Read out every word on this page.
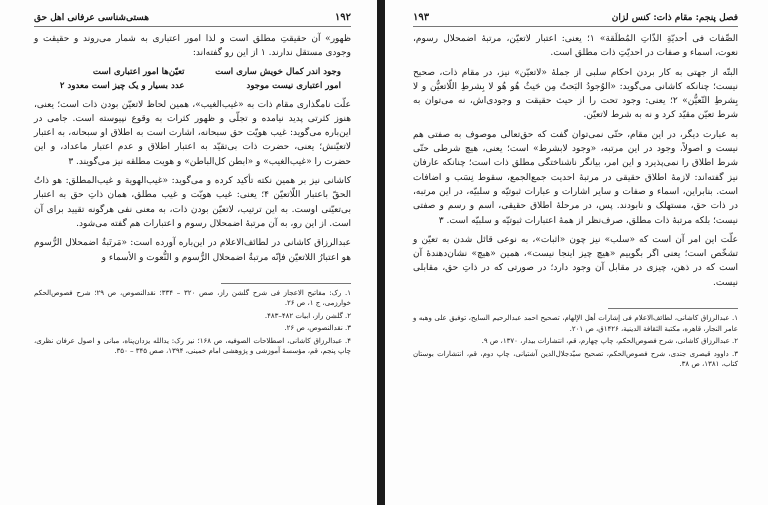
۱۹۲
هستی‌شناسی عرفانی اهل حق

ظهور» آن حقیقتِ مطلق است و لذا امور اعتباری به شمار می‌روند و حقیقت و وجودی مستقل ندارند. ۱ از این رو گفته‌اند:

وجود اندر کمال خویش ساری است
تعیّن‌ها امور اعتباری است
امور اعتباری نیست موجود
عدد بسیار و یک چیز است معدود ۲

علّت نامگذاری مقام ذات به «غیب‌الغیب»، همین لحاظ لاتعیّن بودن ذات است؛ یعنی، هنوز کثرتی پدید نیامده و تجلّی و ظهور کثرات به وقوع نپیوسته است. جامی در این‌باره می‌گوید: غیب هویّت حق سبحانه، اشارت است به اطلاق او سبحانه، به اعتبار لاتعیّنش؛ یعنی، حضرت ذات بی‌تقیّد به اعتبار اطلاق و عدم اعتبار ماعداد، و این حضرت را «غیب‌الغیب» و «ابطن کل‌الباطن» و هویت مطلقه نیز می‌گویند. ۳

کاشانی نیز بر همین نکته تأکید کرده و می‌گوید: «غیب‌الهویة و غیب‌المطلق: هو ذاتُ الحقّ باعتبار اللّاتعیّن ۴؛ یعنی: غیب هویّت و غیب مطلق، همان ذاتِ حق به اعتبار بی‌تعیّنی اوست. به این ترتیب، لاتعیّن بودن ذات، به معنی نفی هرگونه تقیید برای آن است. از این رو، به آن مرتبهٔ اضمحلال رسوم و اعتبارات هم گفته می‌شود.

عبدالرزاق کاشانی در لطائف‌الاعلام در این‌باره آورده است: «مَرتَبةُ اضمحلال الرُّسوم هو اعتبارُ اللاتعیّن فإنّه مرتبةُ اضمحلال الرُّسوم و النُّعوت و الأسماء و

۱. رک: مفاتیح الاعجاز فی شرح گلشن راز، صص ۳۲۰ – ۳۳۴؛ نقدالنصوص، ص ۲۹؛ شرح فصوص‌الحکم خوارزمی، ج ۱، ص ۲۶.

۲. گلشن راز، ابیات ۴۸۲–۴۸۳.

۳. نقدالنصوص، ص ۲۶.

۴. عبدالرزاق کاشانی، اصطلاحات الصوفیه، ص ۱۶۸؛ نیز رک: یدالله یزدان‌پناه، مبانی و اصول عرفان نظری، چاپ پنجم، قم، مؤسسهٔ آموزشی و پژوهشی امام خمینی، ۱۳۹۴، صص ۳۴۵ – ۳۵۰.

فصل پنجم: مقام ذات: کنس لزان
۱۹۳

الصِّفات فی أحدیّةِ الذّاتِ المُطلَقة» ۱؛ یعنی: اعتبار لاتعیّن، مرتبهٔ اضمحلال رسوم، نعوت، اسماء و صفات در احدیّتِ ذات مطلق است.

البتّه از جهتی به کار بردن احکام سلبی از جملهٔ «لاتعیّن» نیز، در مقام ذات، صحیح نیست؛ چنانکه کاشانی می‌گوید: «الوُجودُ البَحتُ مِن حَیثُ هُو هُو لا بِشرطِ اللّاتعیُّن و لا بِشرطِ التّعیُّن» ۲؛ یعنی: وجود تحت را از حیث حقیقت و وجودی‌اش، نه می‌توان به شرط تعیّن مقیّد کرد و نه به شرط لاتعیّن.

به عبارت دیگر، در این مقام، حتّی نمی‌توان گفت که حق‌تعالی موصوف به صفتی هم نیست و اصولاً، وجود در این مرتبه، «وجود لابشرط» است؛ یعنی، هیچ شرطی حتّی شرط اطلاق را نمی‌پذیرد و این امر، بیانگر ناشناختگی مطلق ذات است؛ چنانکه عارفان نیز گفته‌اند: لازمهٔ اطلاق حقیقی در مرتبهٔ احدیت جمع‌الجمع، سقوط نِسَب و اضافات است. بنابراین، اسماء و صفات و سایر اشارات و عبارات ثبوتیّه و سلبیّه، در این مرتبه، در ذات حق، مستهلک و نابودند. پس، در مرحلهٔ اطلاق حقیقی، اسم و رسم و صفتی نیست؛ بلکه مرتبهٔ ذات مطلق، صرف‌نظر از همهٔ اعتبارات ثبوتیّه و سلبیّه است. ۳

علّت این امر آن است که «سلب» نیز چون «اثبات»، به نوعی قائل شدن به تعیّن و تشخّص است؛ یعنی اگر بگوییم «هیچ چیز اینجا نیست»، همین «هیچ» نشان‌دهندهٔ آن است که در ذهن، چیزی در مقابل آن وجود دارد؛ در صورتی که در ذاتِ حق، مقابلی نیست.

۱. عبدالرزاق کاشانی، لطائف‌الاعلام فی إشارات أهل الإلهام، تصحیح احمد عبدالرحیم السایح، توفیق علی وهبه و عامر النجار، قاهره، مکتبة الثقافة الدینیة، ۱۴۲۶ق، ص ۲۰۱.

۲. عبدالرزاق کاشانی، شرح فصوص‌الحکم، چاپ چهارم، قم، انتشارات بیدار، ۱۳۷۰، ص ۹.

۳. داوود قیصری جندی، شرح فصوص‌الحکم، تصحیح سیّدجلال‌الدین آشتیانی، چاپ دوم، قم، انتشارات بوستان کتاب، ۱۳۸۱، ص ۳۸.
